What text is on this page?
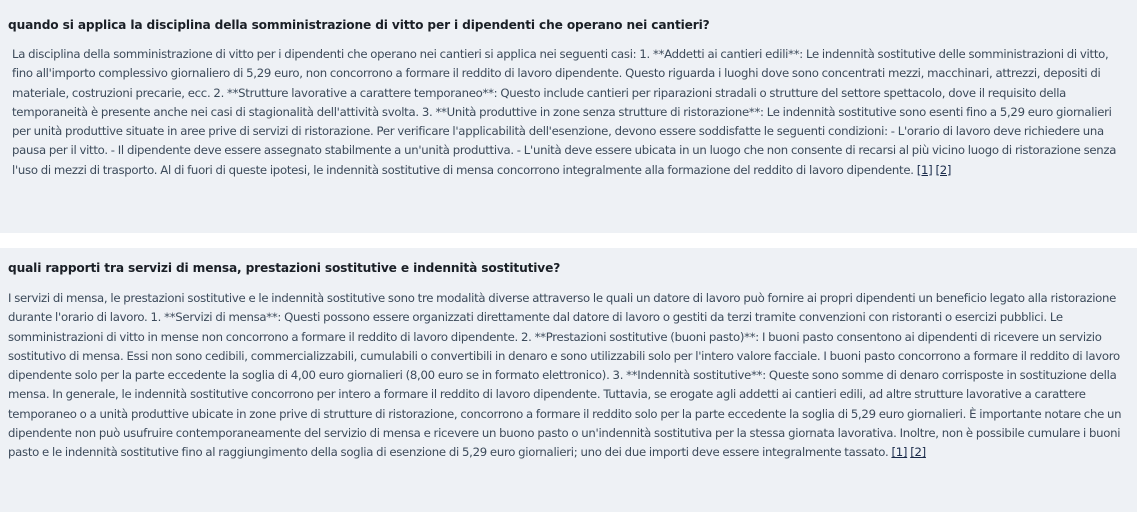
quando si applica la disciplina della somministrazione di vitto per i dipendenti che operano nei cantieri?

La disciplina della somministrazione di vitto per i dipendenti che operano nei cantieri si applica nei seguenti casi: 1. **Addetti ai cantieri edili**: Le indennità sostitutive delle somministrazioni di vitto, fino all'importo complessivo giornaliero di 5,29 euro, non concorrono a formare il reddito di lavoro dipendente. Questo riguarda i luoghi dove sono concentrati mezzi, macchinari, attrezzi, depositi di materiale, costruzioni precarie, ecc. 2. **Strutture lavorative a carattere temporaneo**: Questo include cantieri per riparazioni stradali o strutture del settore spettacolo, dove il requisito della temporaneità è presente anche nei casi di stagionalità dell'attività svolta. 3. **Unità produttive in zone senza strutture di ristorazione**: Le indennità sostitutive sono esenti fino a 5,29 euro giornalieri per unità produttive situate in aree prive di servizi di ristorazione. Per verificare l'applicabilità dell'esenzione, devono essere soddisfatte le seguenti condizioni: - L'orario di lavoro deve richiedere una pausa per il vitto. - Il dipendente deve essere assegnato stabilmente a un'unità produttiva. - L'unità deve essere ubicata in un luogo che non consente di recarsi al più vicino luogo di ristorazione senza l'uso di mezzi di trasporto. Al di fuori di queste ipotesi, le indennità sostitutive di mensa concorrono integralmente alla formazione del reddito di lavoro dipendente. [1] [2]

quali rapporti tra servizi di mensa, prestazioni sostitutive e indennità sostitutive?

I servizi di mensa, le prestazioni sostitutive e le indennità sostitutive sono tre modalità diverse attraverso le quali un datore di lavoro può fornire ai propri dipendenti un beneficio legato alla ristorazione durante l'orario di lavoro. 1. **Servizi di mensa**: Questi possono essere organizzati direttamente dal datore di lavoro o gestiti da terzi tramite convenzioni con ristoranti o esercizi pubblici. Le somministrazioni di vitto in mense non concorrono a formare il reddito di lavoro dipendente. 2. **Prestazioni sostitutive (buoni pasto)**: I buoni pasto consentono ai dipendenti di ricevere un servizio sostitutivo di mensa. Essi non sono cedibili, commercializzabili, cumulabili o convertibili in denaro e sono utilizzabili solo per l'intero valore facciale. I buoni pasto concorrono a formare il reddito di lavoro dipendente solo per la parte eccedente la soglia di 4,00 euro giornalieri (8,00 euro se in formato elettronico). 3. **Indennità sostitutive**: Queste sono somme di denaro corrisposte in sostituzione della mensa. In generale, le indennità sostitutive concorrono per intero a formare il reddito di lavoro dipendente. Tuttavia, se erogate agli addetti ai cantieri edili, ad altre strutture lavorative a carattere temporaneo o a unità produttive ubicate in zone prive di strutture di ristorazione, concorrono a formare il reddito solo per la parte eccedente la soglia di 5,29 euro giornalieri. È importante notare che un dipendente non può usufruire contemporaneamente del servizio di mensa e ricevere un buono pasto o un'indennità sostitutiva per la stessa giornata lavorativa. Inoltre, non è possibile cumulare i buoni pasto e le indennità sostitutive fino al raggiungimento della soglia di esenzione di 5,29 euro giornalieri; uno dei due importi deve essere integralmente tassato. [1] [2]
